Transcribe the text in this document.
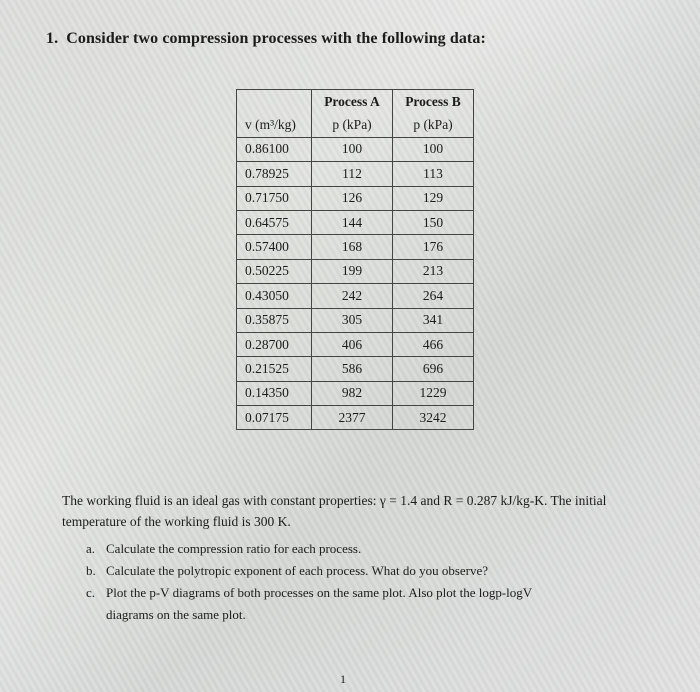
1. Consider two compression processes with the following data:
	Process A	Process B
v (m³/kg)	p (kPa)	p (kPa)
0.86100	100	100
0.78925	112	113
0.71750	126	129
0.64575	144	150
0.57400	168	176
0.50225	199	213
0.43050	242	264
0.35875	305	341
0.28700	406	466
0.21525	586	696
0.14350	982	1229
0.07175	2377	3242
The working fluid is an ideal gas with constant properties: γ = 1.4 and R = 0.287 kJ/kg-K. The initial temperature of the working fluid is 300 K.
a. Calculate the compression ratio for each process.
b. Calculate the polytropic exponent of each process. What do you observe?
c. Plot the p-V diagrams of both processes on the same plot. Also plot the logp-logV
diagrams on the same plot.
1
